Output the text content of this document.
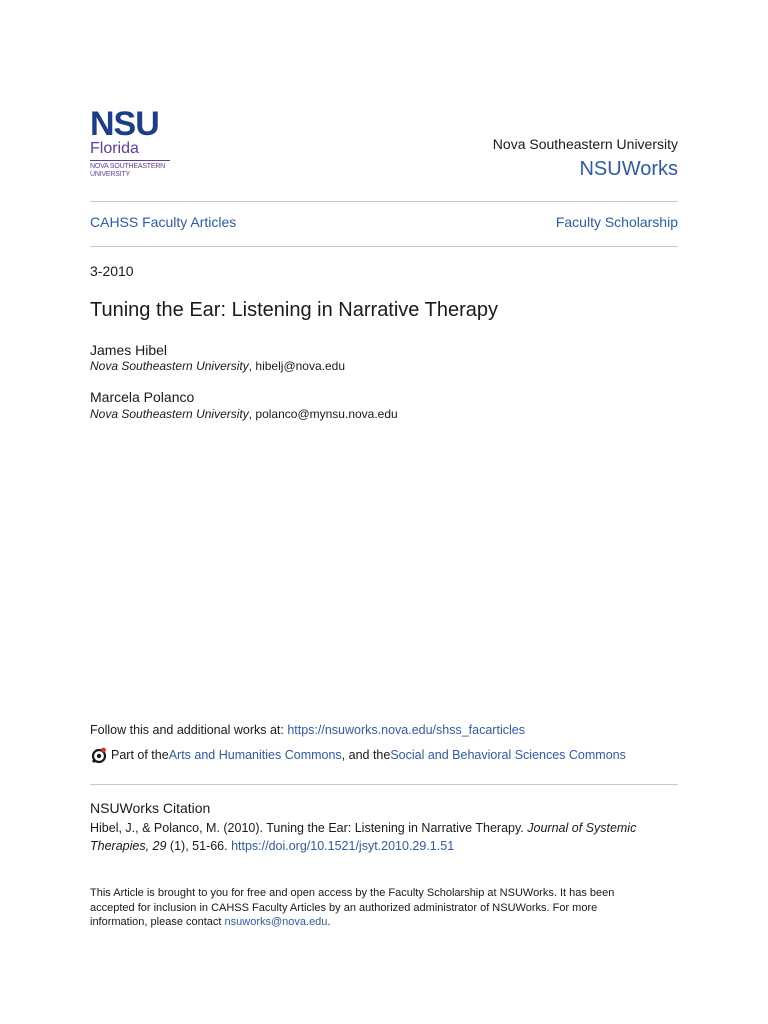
NSU
Florida
NOVA SOUTHEASTERN
UNIVERSITY
Nova Southeastern University
NSUWorks
CAHSS Faculty Articles	Faculty Scholarship
3-2010
Tuning the Ear: Listening in Narrative Therapy
James Hibel
Nova Southeastern University, hibelj@nova.edu
Marcela Polanco
Nova Southeastern University, polanco@mynsu.nova.edu
Follow this and additional works at: https://nsuworks.nova.edu/shss_facarticles
Part of the Arts and Humanities Commons , and the Social and Behavioral Sciences Commons
NSUWorks Citation
Hibel, J., & Polanco, M. (2010). Tuning the Ear: Listening in Narrative Therapy. Journal of Systemic Therapies, 29 (1), 51-66. https://doi.org/10.1521/jsyt.2010.29.1.51
This Article is brought to you for free and open access by the Faculty Scholarship at NSUWorks. It has been accepted for inclusion in CAHSS Faculty Articles by an authorized administrator of NSUWorks. For more information, please contact nsuworks@nova.edu.
